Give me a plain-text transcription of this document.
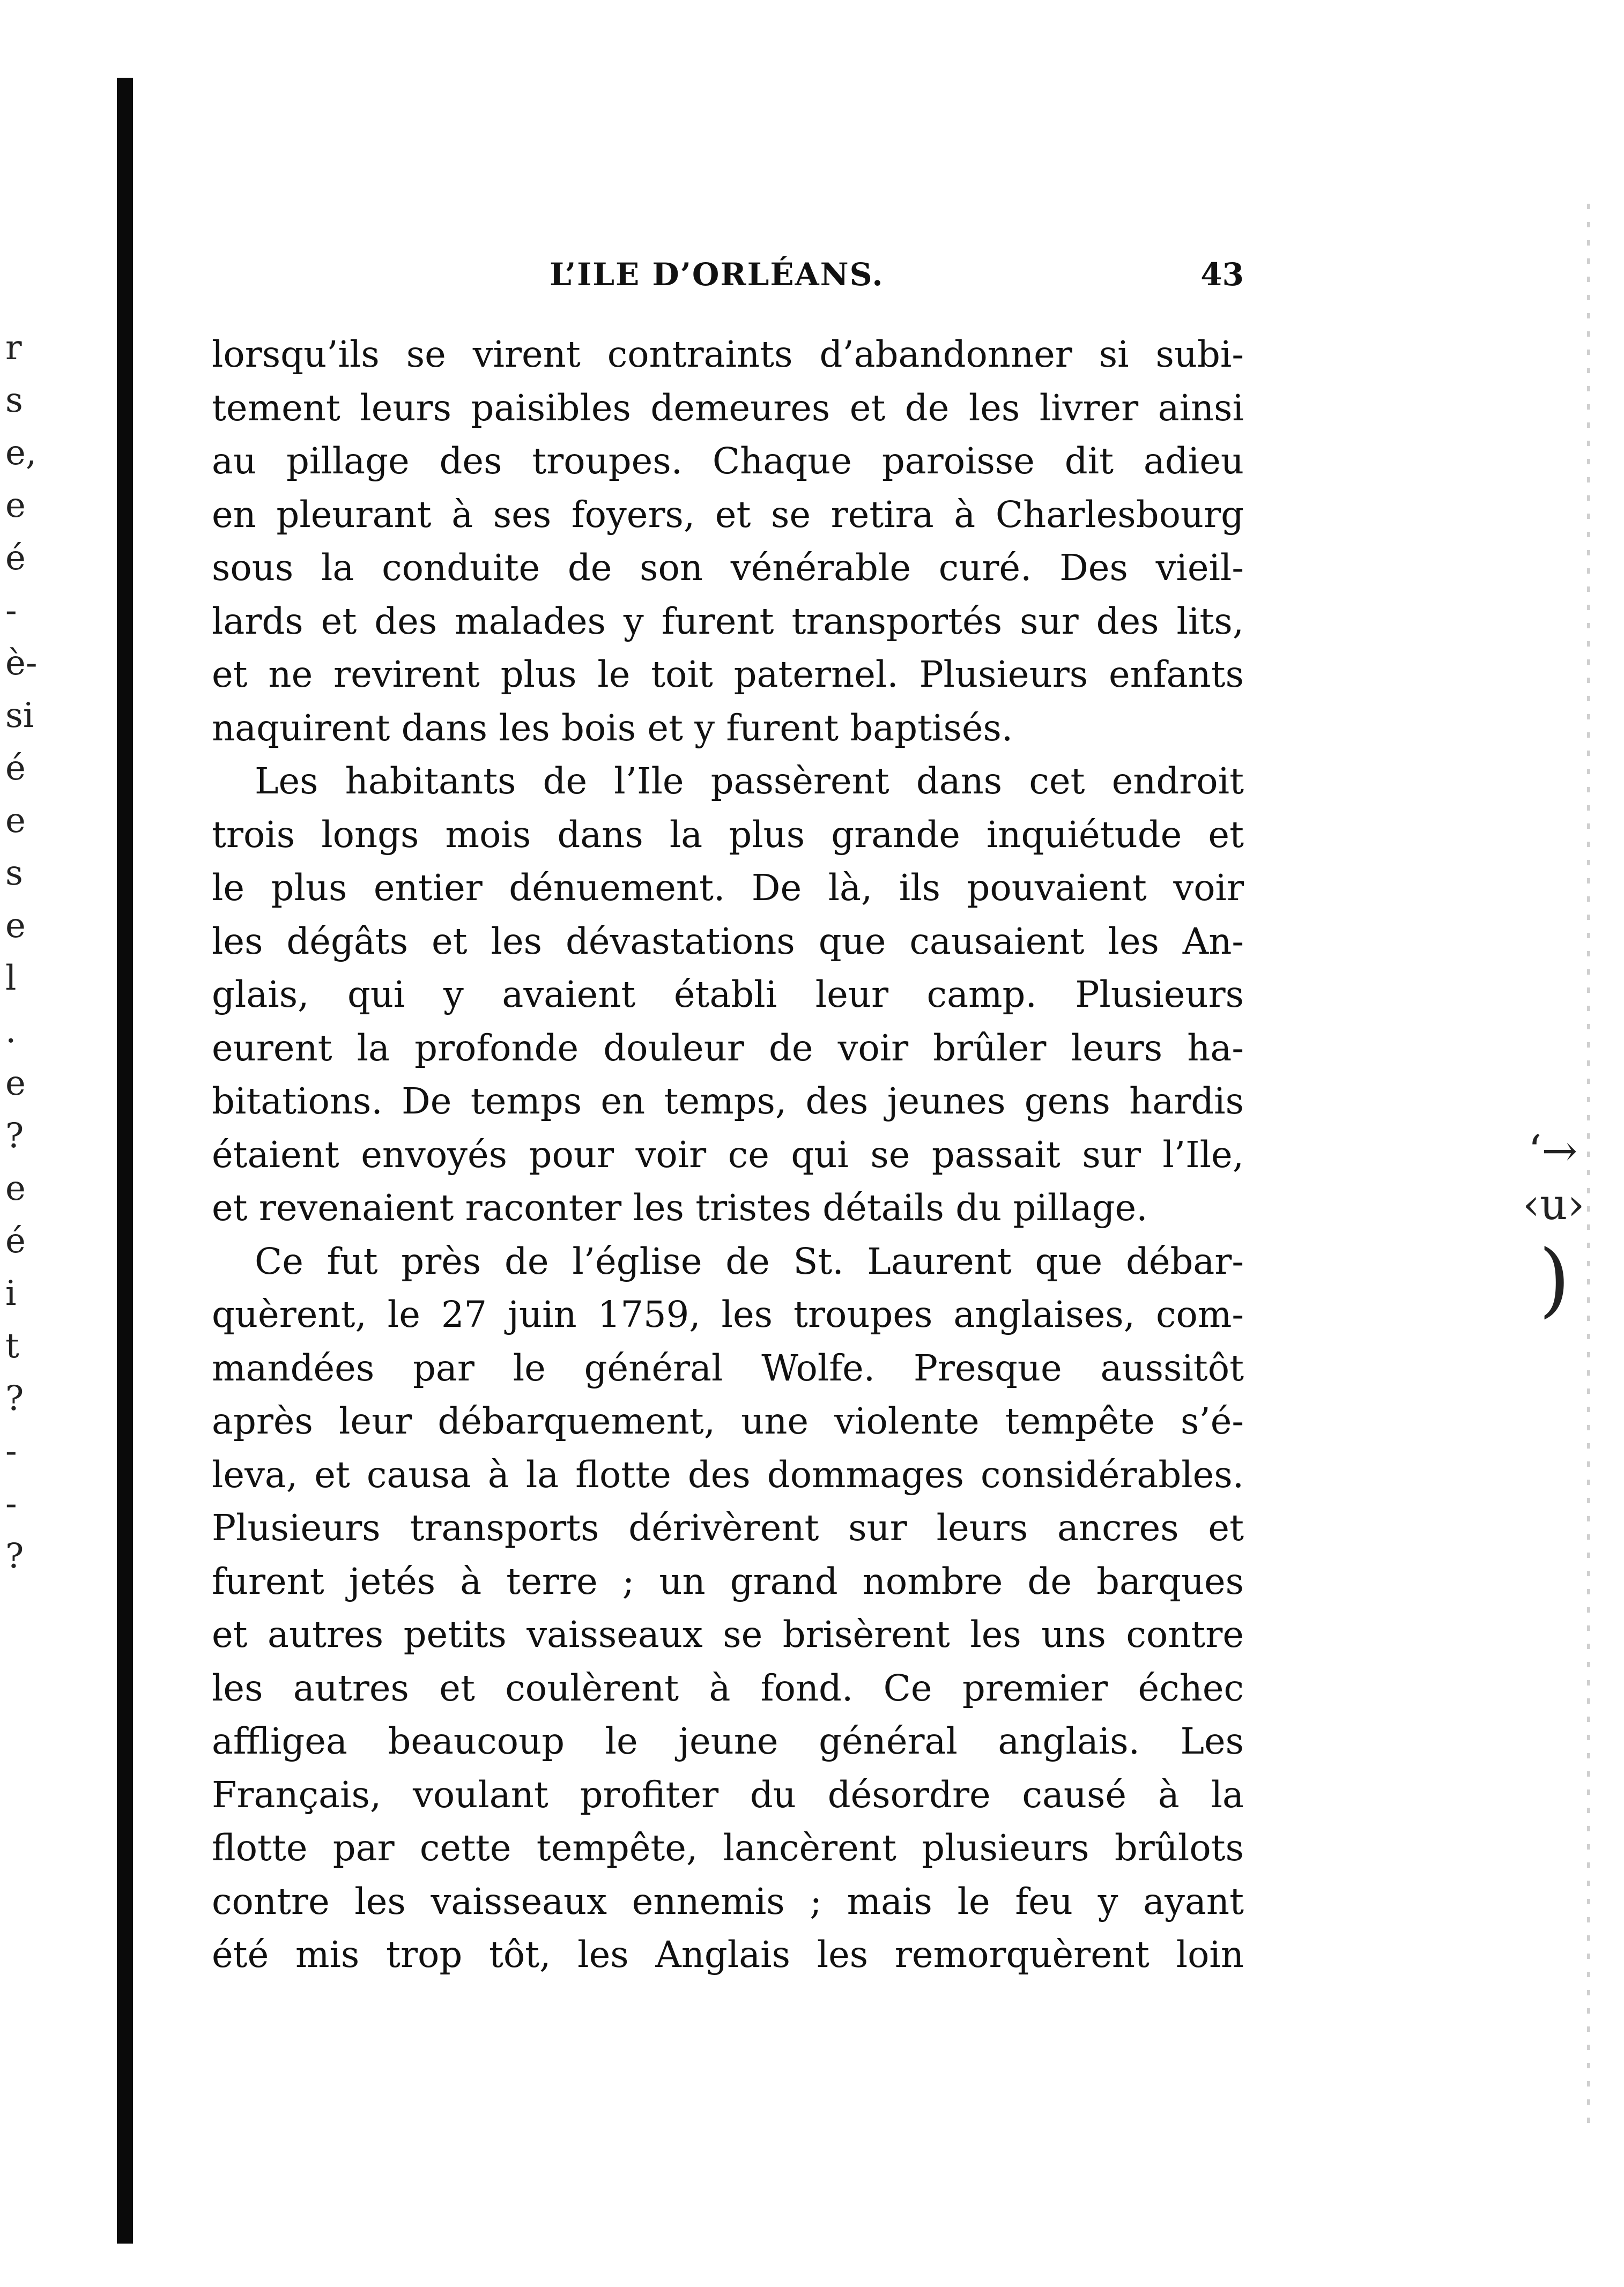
r
s
e,
e
é
-
è-
si
é
e
s
e
l
.
e
?
e
é
i
t
?
-
-
?
L’ILE D’ORLÉANS.	43
lorsqu’ils se virent contraints d’abandonner si subi-
tement leurs paisibles demeures et de les livrer ainsi
au pillage des troupes. Chaque paroisse dit adieu
en pleurant à ses foyers, et se retira à Charlesbourg
sous la conduite de son vénérable curé. Des vieil-
lards et des malades y furent transportés sur des lits,
et ne revirent plus le toit paternel. Plusieurs enfants
naquirent dans les bois et y furent baptisés.
Les habitants de l’Ile passèrent dans cet endroit
trois longs mois dans la plus grande inquiétude et
le plus entier dénuement. De là, ils pouvaient voir
les dégâts et les dévastations que causaient les An-
glais, qui y avaient établi leur camp. Plusieurs
eurent la profonde douleur de voir brûler leurs ha-
bitations. De temps en temps, des jeunes gens hardis
étaient envoyés pour voir ce qui se passait sur l’Ile,
et revenaient raconter les tristes détails du pillage.
Ce fut près de l’église de St. Laurent que débar-
quèrent, le 27 juin 1759, les troupes anglaises, com-
mandées par le général Wolfe. Presque aussitôt
après leur débarquement, une violente tempête s’é-
leva, et causa à la flotte des dommages considérables.
Plusieurs transports dérivèrent sur leurs ancres et
furent jetés à terre ; un grand nombre de barques
et autres petits vaisseaux se brisèrent les uns contre
les autres et coulèrent à fond. Ce premier échec
affligea beaucoup le jeune général anglais. Les
Français, voulant profiter du désordre causé à la
flotte par cette tempête, lancèrent plusieurs brûlots
contre les vaisseaux ennemis ; mais le feu y ayant
été mis trop tôt, les Anglais les remorquèrent loin
ʻ→
‹u›
)
